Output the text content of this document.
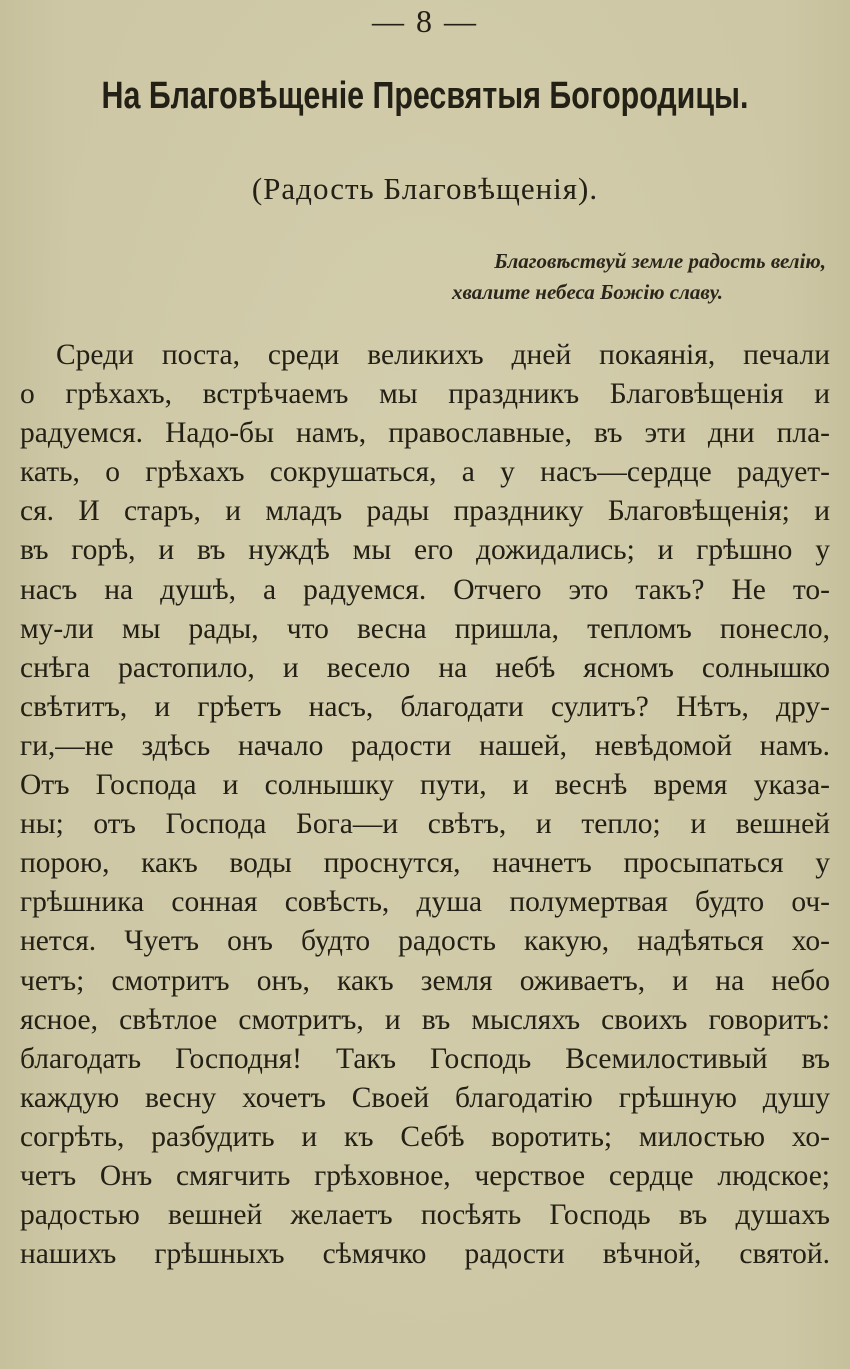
— 8 —
На Благовѣщеніе Пресвятыя Богородицы.
(Радость Благовѣщенія).
Благовѣствуй земле радость велію,
хвалите небеса Божію славу.
Среди поста, среди великихъ дней покаянія, печали
о грѣхахъ, встрѣчаемъ мы праздникъ Благовѣщенія и
радуемся. Надо-бы намъ, православные, въ эти дни пла-
кать, о грѣхахъ сокрушаться, а у насъ—сердце радует-
ся. И старъ, и младъ рады празднику Благовѣщенія; и
въ горѣ, и въ нуждѣ мы его дожидались; и грѣшно у
насъ на душѣ, а радуемся. Отчего это такъ? Не то-
му-ли мы рады, что весна пришла, тепломъ понесло,
снѣга растопило, и весело на небѣ ясномъ солнышко
свѣтитъ, и грѣетъ насъ, благодати сулитъ? Нѣтъ, дру-
ги,—не здѣсь начало радости нашей, невѣдомой намъ.
Отъ Господа и солнышку пути, и веснѣ время указа-
ны; отъ Господа Бога—и свѣтъ, и тепло; и вешней
порою, какъ воды проснутся, начнетъ просыпаться у
грѣшника сонная совѣсть, душа полумертвая будто оч-
нется. Чуетъ онъ будто радость какую, надѣяться хо-
четъ; смотритъ онъ, какъ земля оживаетъ, и на небо
ясное, свѣтлое смотритъ, и въ мысляхъ своихъ говоритъ:
благодать Господня! Такъ Господь Всемилостивый въ
каждую весну хочетъ Своей благодатію грѣшную душу
согрѣть, разбудить и къ Себѣ воротить; милостью хо-
четъ Онъ смягчить грѣховное, черствое сердце людское;
радостью вешней желаетъ посѣять Господь въ душахъ
нашихъ грѣшныхъ сѣмячко радости вѣчной, святой.
